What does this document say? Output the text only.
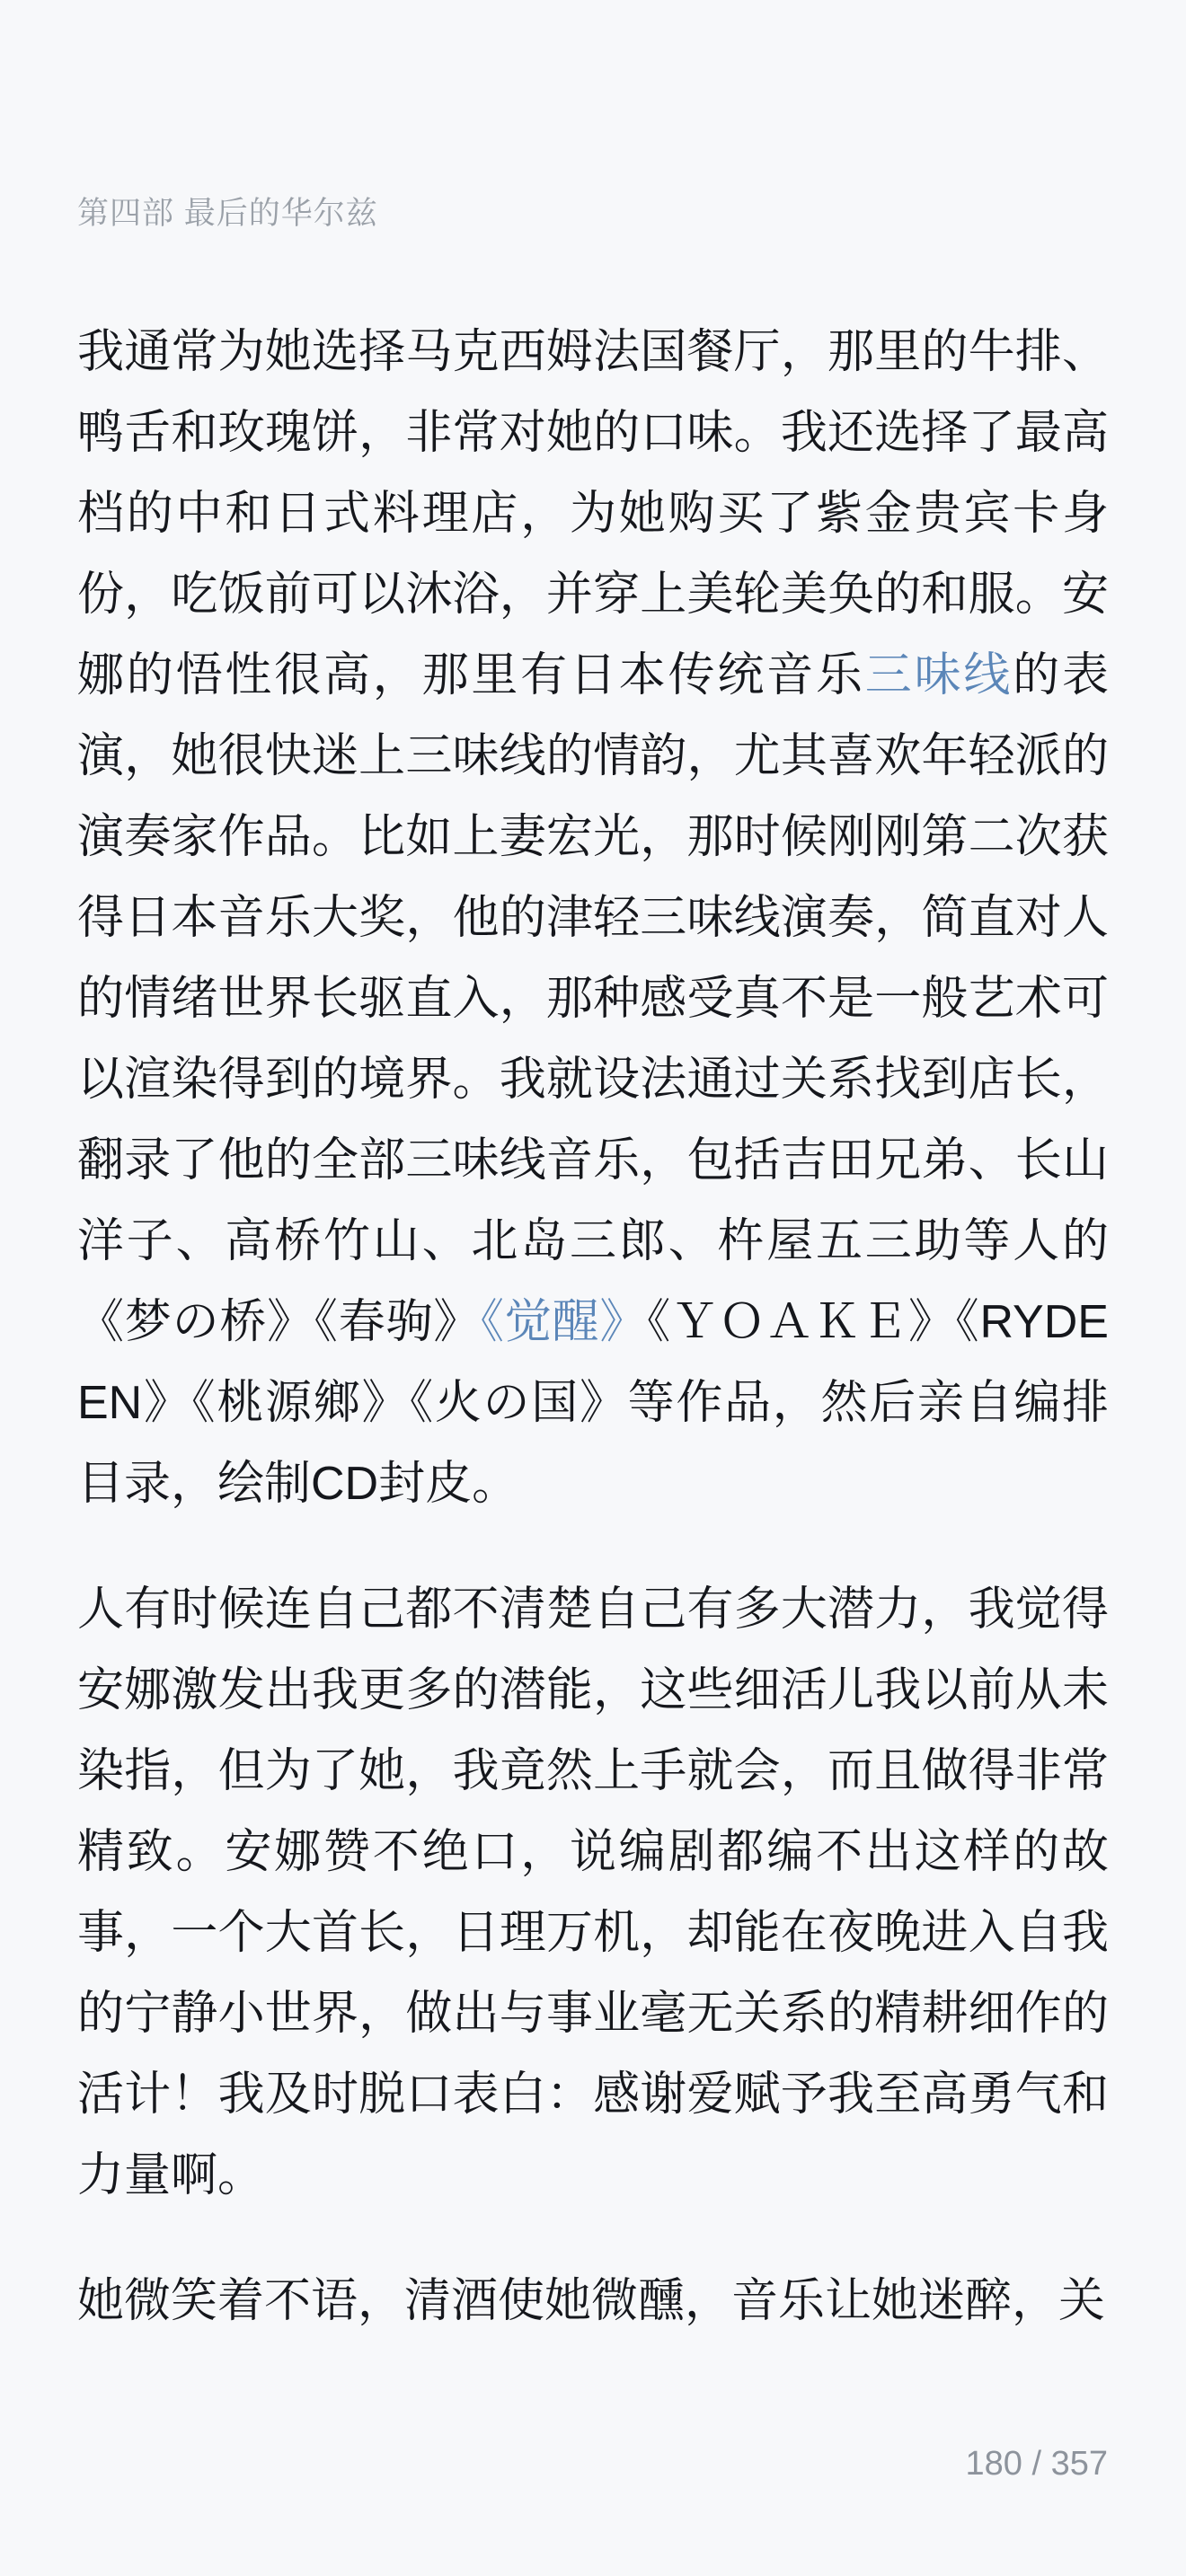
第四部 最后的华尔兹

我通常为她选择马克西姆法国餐厅，那里的牛排、鸭舌和玫瑰饼，非常对她的口味。我还选择了最高档的中和日式料理店，为她购买了紫金贵宾卡身份，吃饭前可以沐浴，并穿上美轮美奂的和服。安娜的悟性很高，那里有日本传统音乐三味线的表演，她很快迷上三味线的情韵，尤其喜欢年轻派的演奏家作品。比如上妻宏光，那时候刚刚第二次获得日本音乐大奖，他的津轻三味线演奏，简直对人的情绪世界长驱直入，那种感受真不是一般艺术可以渲染得到的境界。我就设法通过关系找到店长，翻录了他的全部三味线音乐，包括吉田兄弟、长山洋子、高桥竹山、北岛三郎、杵屋五三助等人的《梦の桥》《春驹》《觉醒》《ＹＯＡＫＥ》《RYDEEN》《桃源鄉》《火の国》等作品，然后亲自编排目录，绘制CD封皮。

人有时候连自己都不清楚自己有多大潜力，我觉得安娜激发出我更多的潜能，这些细活儿我以前从未染指，但为了她，我竟然上手就会，而且做得非常精致。安娜赞不绝口，说编剧都编不出这样的故事，一个大首长，日理万机，却能在夜晚进入自我的宁静小世界，做出与事业毫无关系的精耕细作的活计！我及时脱口表白：感谢爱赋予我至高勇气和力量啊。

她微笑着不语，清酒使她微醺，音乐让她迷醉，关

180 / 357
